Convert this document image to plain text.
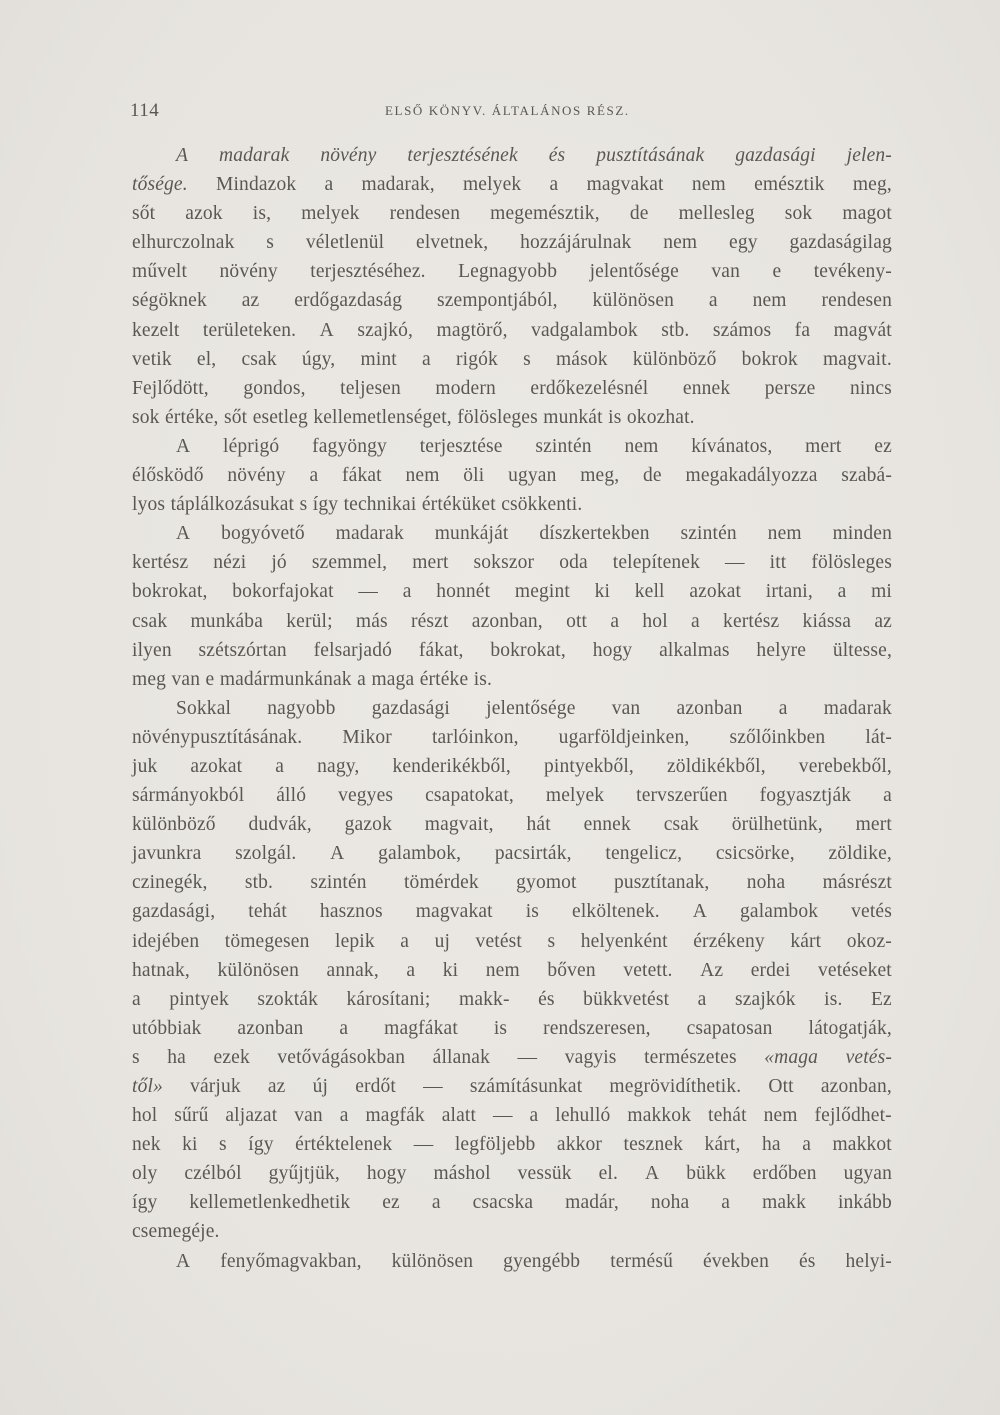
114	ELSŐ KÖNYV. ÁLTALÁNOS RÉSZ.
A madarak növény terjesztésének és pusztításának gazdasági jelen-
tősége. Mindazok a madarak, melyek a magvakat nem emésztik meg,
sőt azok is, melyek rendesen megemésztik, de mellesleg sok magot
elhurczolnak s véletlenül elvetnek, hozzájárulnak nem egy gazdaságilag
művelt növény terjesztéséhez. Legnagyobb jelentősége van e tevékeny-
ségöknek az erdőgazdaság szempontjából, különösen a nem rendesen
kezelt területeken. A szajkó, magtörő, vadgalambok stb. számos fa magvát
vetik el, csak úgy, mint a rigók s mások különböző bokrok magvait.
Fejlődött, gondos, teljesen modern erdőkezelésnél ennek persze nincs
sok értéke, sőt esetleg kellemetlenséget, fölösleges munkát is okozhat.
A léprigó fagyöngy terjesztése szintén nem kívánatos, mert ez
élősködő növény a fákat nem öli ugyan meg, de megakadályozza szabá-
lyos táplálkozásukat s így technikai értéküket csökkenti.
A bogyóvető madarak munkáját díszkertekben szintén nem minden
kertész nézi jó szemmel, mert sokszor oda telepítenek — itt fölösleges
bokrokat, bokorfajokat — a honnét megint ki kell azokat irtani, a mi
csak munkába kerül; más részt azonban, ott a hol a kertész kiássa az
ilyen szétszórtan felsarjadó fákat, bokrokat, hogy alkalmas helyre ültesse,
meg van e madármunkának a maga értéke is.
Sokkal nagyobb gazdasági jelentősége van azonban a madarak
növénypusztításának. Mikor tarlóinkon, ugarföldjeinken, szőlőinkben lát-
juk azokat a nagy, kenderikékből, pintyekből, zöldikékből, verebekből,
sármányokból álló vegyes csapatokat, melyek tervszerűen fogyasztják a
különböző dudvák, gazok magvait, hát ennek csak örülhetünk, mert
javunkra szolgál. A galambok, pacsirták, tengelicz, csicsörke, zöldike,
czinegék, stb. szintén tömérdek gyomot pusztítanak, noha másrészt
gazdasági, tehát hasznos magvakat is elköltenek. A galambok vetés
idejében tömegesen lepik a uj vetést s helyenként érzékeny kárt okoz-
hatnak, különösen annak, a ki nem bőven vetett. Az erdei vetéseket
a pintyek szokták károsítani; makk- és bükkvetést a szajkók is. Ez
utóbbiak azonban a magfákat is rendszeresen, csapatosan látogatják,
s ha ezek vetővágásokban állanak — vagyis természetes «maga vetés-
től» várjuk az új erdőt — számításunkat megrövidíthetik. Ott azonban,
hol sűrű aljazat van a magfák alatt — a lehulló makkok tehát nem fejlődhet-
nek ki s így értéktelenek — legföljebb akkor tesznek kárt, ha a makkot
oly czélból gyűjtjük, hogy máshol vessük el. A bükk erdőben ugyan
így kellemetlenkedhetik ez a csacska madár, noha a makk inkább
csemegéje.
A fenyőmagvakban, különösen gyengébb termésű években és helyi-
